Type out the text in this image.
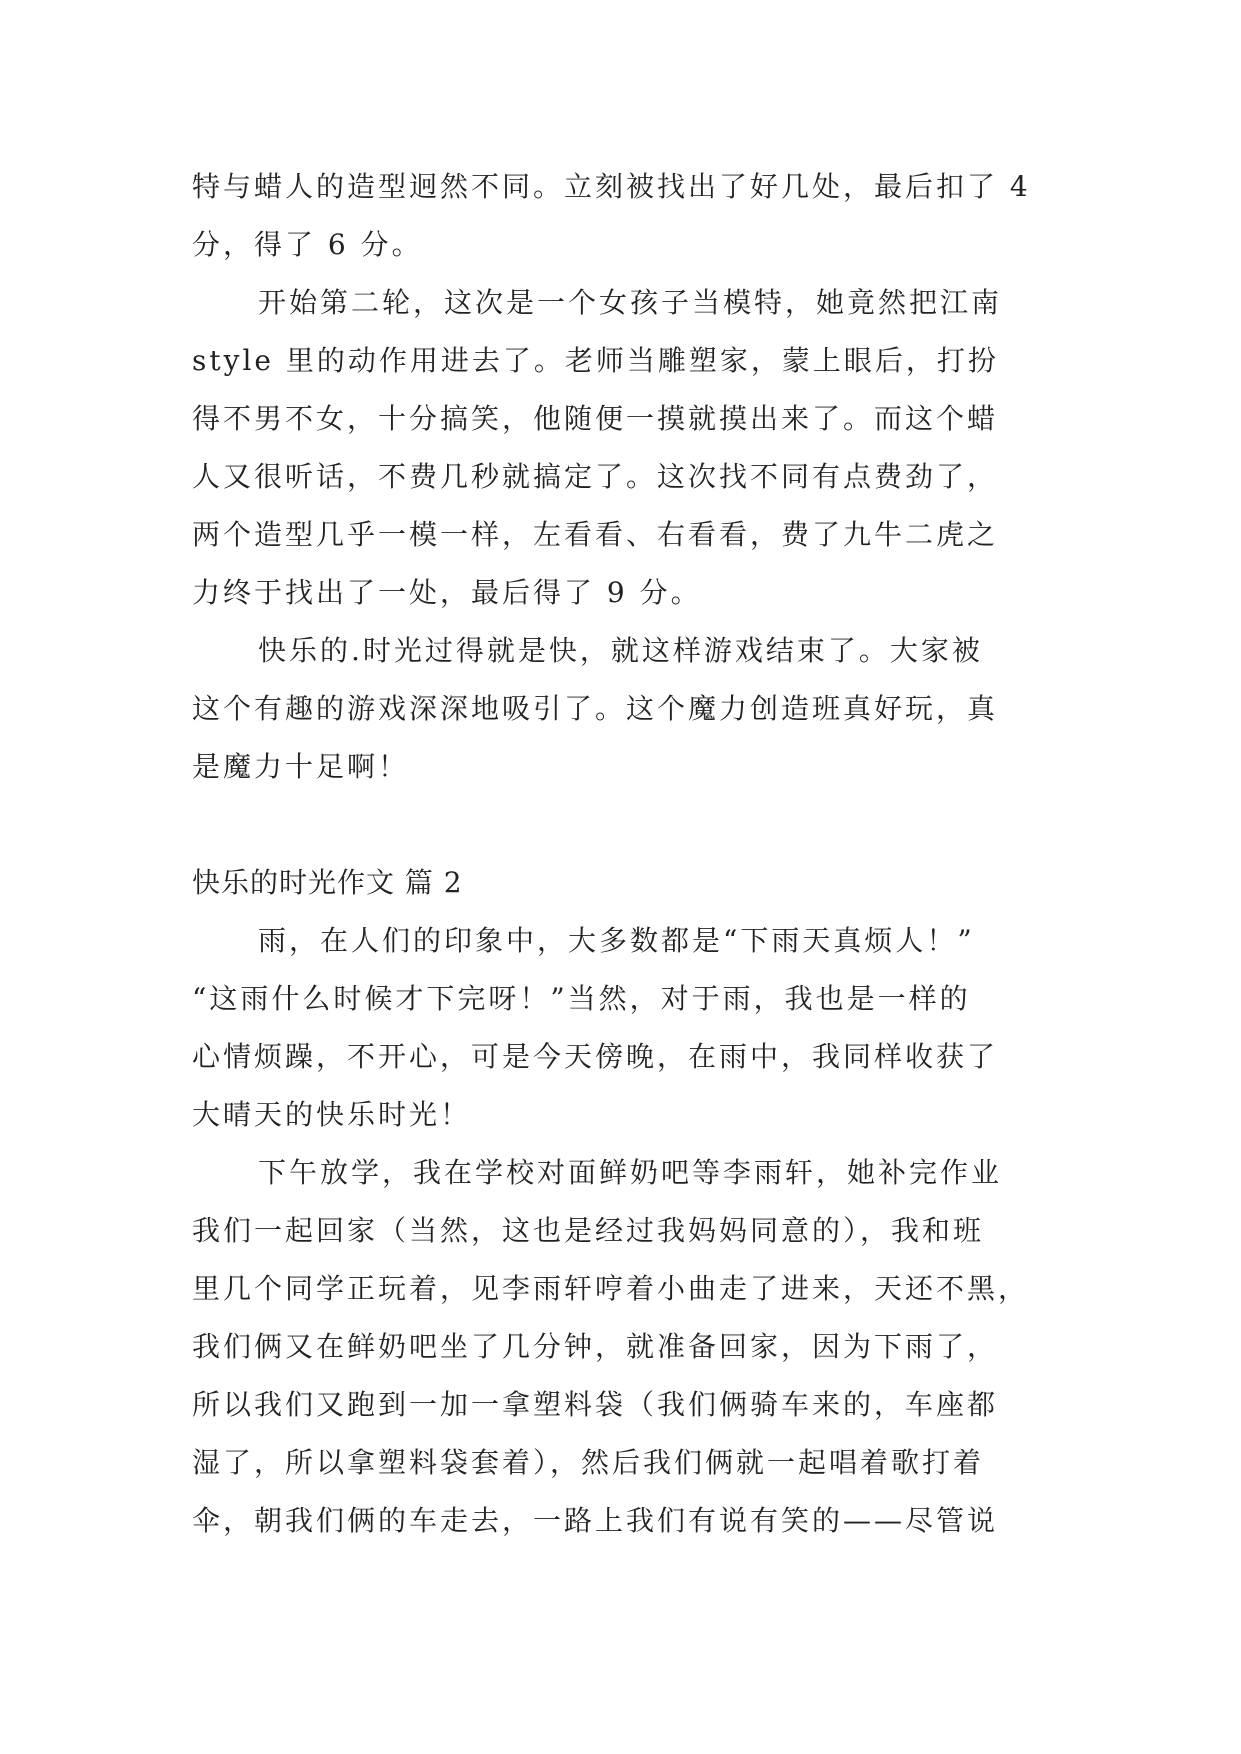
特与蜡人的造型迥然不同。立刻被找出了好几处，最后扣了 4
分，得了 6 分。
开始第二轮，这次是一个女孩子当模特，她竟然把江南
style 里的动作用进去了。老师当雕塑家，蒙上眼后，打扮
得不男不女，十分搞笑，他随便一摸就摸出来了。而这个蜡
人又很听话，不费几秒就搞定了。这次找不同有点费劲了，
两个造型几乎一模一样，左看看、右看看，费了九牛二虎之
力终于找出了一处，最后得了 9 分。
快乐的.时光过得就是快，就这样游戏结束了。大家被
这个有趣的游戏深深地吸引了。这个魔力创造班真好玩，真
是魔力十足啊！
快乐的时光作文 篇 2
雨，在人们的印象中，大多数都是“下雨天真烦人！”
“这雨什么时候才下完呀！”当然，对于雨，我也是一样的
心情烦躁，不开心，可是今天傍晚，在雨中，我同样收获了
大晴天的快乐时光！
下午放学，我在学校对面鲜奶吧等李雨轩，她补完作业
我们一起回家（当然，这也是经过我妈妈同意的），我和班
里几个同学正玩着，见李雨轩哼着小曲走了进来，天还不黑，
我们俩又在鲜奶吧坐了几分钟，就准备回家，因为下雨了，
所以我们又跑到一加一拿塑料袋（我们俩骑车来的，车座都
湿了，所以拿塑料袋套着），然后我们俩就一起唱着歌打着
伞，朝我们俩的车走去，一路上我们有说有笑的——尽管说
